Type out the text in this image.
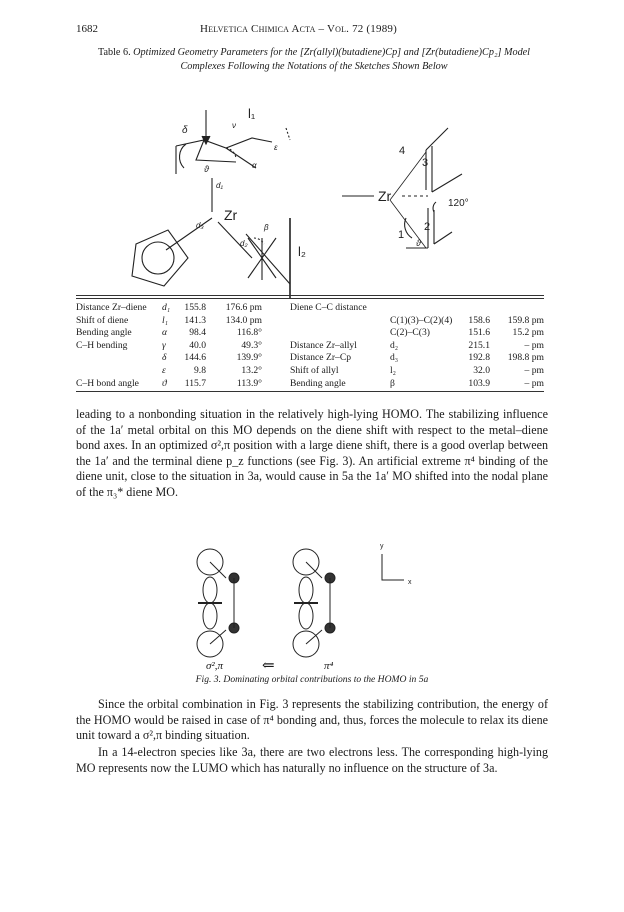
1682	Helvetica Chimica Acta – Vol. 72 (1989)
Table 6. Optimized Geometry Parameters for the [Zr(allyl)(butadiene)Cp] and [Zr(butadiene)Cp₂] Model Complexes Following the Notations of the Sketches Shown Below
δ	ν
l₁
ε
α
ϑ
d₁
Zr
d₃	β
d₂
l₂
4
3
Zr	120°
2
1
ϑ
Distance Zr–diene d₁	155.8	176.6 pm
Shift of diene	l₁	141.3	134.0 pm
Bending angle	α	98.4	116.8°
C–H bending	γ	40.0	49.3°
δ	144.6	139.9°
ε	9.8	13.2°
C–H bond angle ϑ	115.7	113.9°
Diene C–C distance
C(1)(3)–C(2)(4)	158.6	159.8 pm
C(2)–C(3)	151.6	15.2 pm
Distance Zr–allyl	d₂	215.1	– pm
Distance Zr–Cp	d₃	192.8	198.8 pm
Shift of allyl	l₂	32.0	– pm
Bending angle	β	103.9	– pm

leading to a nonbonding situation in the relatively high-lying HOMO. The stabilizing influence of the 1a′ metal orbital on this MO depends on the diene shift with respect to the metal–diene bond axes. In an optimized σ²,π position with a large diene shift, there is a good overlap between the 1a′ and the terminal diene p_z functions (see Fig. 3). An artificial extreme π⁴ binding of the diene unit, close to the situation in 3a, would cause in 5a the 1a′ MO shifted into the nodal plane of the π₃* diene MO.

y
x
σ²,π	⇐	π⁴
Fig. 3. Dominating orbital contributions to the HOMO in 5a

Since the orbital combination in Fig. 3 represents the stabilizing contribution, the energy of the HOMO would be raised in case of π⁴ bonding and, thus, forces the molecule to relax its diene unit toward a σ²,π binding situation.

In a 14-electron species like 3a, there are two electrons less. The corresponding high-lying MO represents now the LUMO which has naturally no influence on the structure of 3a.
